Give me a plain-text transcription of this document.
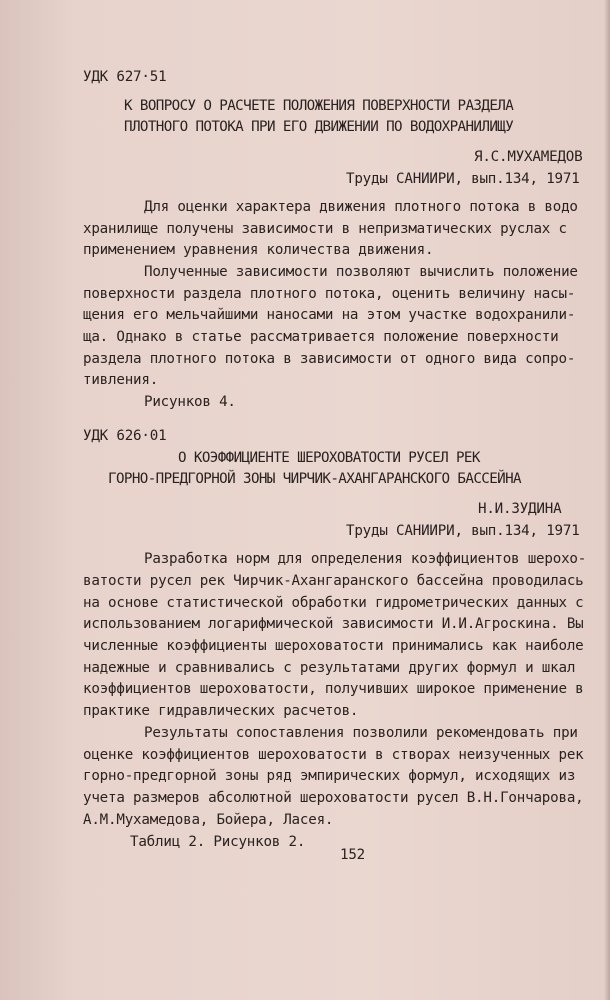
УДК 627·51
К ВОПРОСУ О РАСЧЕТЕ ПОЛОЖЕНИЯ ПОВЕРХНОСТИ РАЗДЕЛА
ПЛОТНОГО ПОТОКА ПРИ ЕГО ДВИЖЕНИИ ПО ВОДОХРАНИЛИЩУ
Я.С.МУХАМЕДОВ
Труды САНИИРИ, вып.134, 1971
Для оценки характера движения плотного потока в водо
хранилище получены зависимости в непризматических руслах с
применением уравнения количества движения.
Полученные зависимости позволяют вычислить положение
поверхности раздела плотного потока, оценить величину насы-
щения его мельчайшими наносами на этом участке водохранили-
ща. Однако в статье рассматривается положение поверхности
раздела плотного потока в зависимости от одного вида сопро-
тивления.
Рисунков 4.
УДК 626·01
О КОЭФФИЦИЕНТЕ ШЕРОХОВАТОСТИ РУСЕЛ РЕК
ГОРНО-ПРЕДГОРНОЙ ЗОНЫ ЧИРЧИК-АХАНГАРАНСКОГО БАССЕЙНА
Н.И.ЗУДИНА
Труды САНИИРИ, вып.134, 1971
Разработка норм для определения коэффициентов шерохо-
ватости русел рек Чирчик-Ахангаранского бассейна проводилась
на основе статистической обработки гидрометрических данных с
использованием логарифмической зависимости И.И.Агроскина. Вы
численные коэффициенты шероховатости принимались как наиболе
надежные и сравнивались с результатами других формул и шкал
коэффициентов шероховатости, получивших широкое применение в
практике гидравлических расчетов.
Результаты сопоставления позволили рекомендовать при
оценке коэффициентов шероховатости в створах неизученных рек
горно-предгорной зоны ряд эмпирических формул, исходящих из
учета размеров абсолютной шероховатости русел В.Н.Гончарова,
А.М.Мухамедова, Бойера, Ласея.
Таблиц 2. Рисунков 2.
152
